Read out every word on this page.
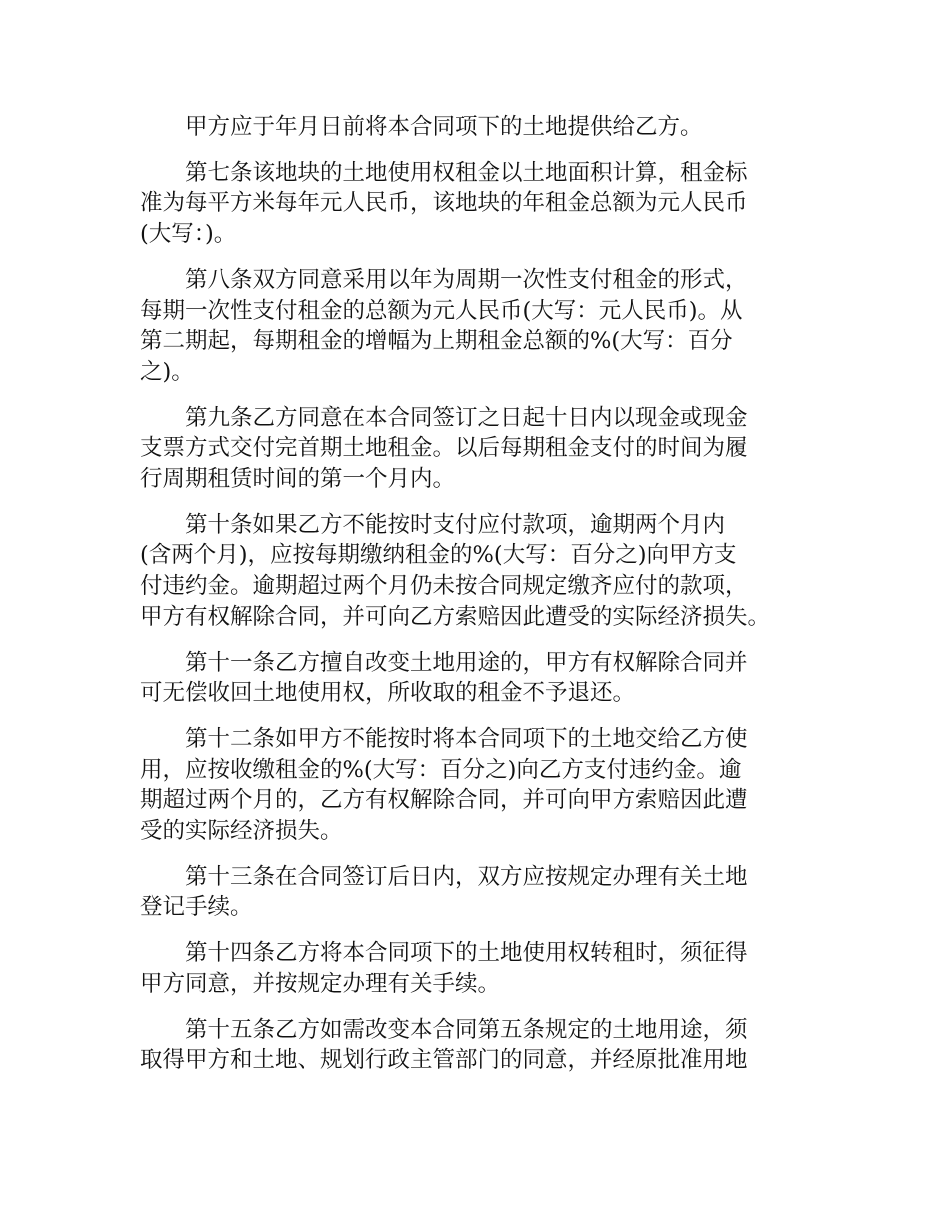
甲方应于年月日前将本合同项下的土地提供给乙方。

第七条该地块的土地使用权租金以土地面积计算，租金标
准为每平方米每年元人民币，该地块的年租金总额为元人民币
(大写：)。

第八条双方同意采用以年为周期一次性支付租金的形式，
每期一次性支付租金的总额为元人民币(大写：元人民币)。从
第二期起，每期租金的增幅为上期租金总额的%(大写：百分
之)。

第九条乙方同意在本合同签订之日起十日内以现金或现金
支票方式交付完首期土地租金。以后每期租金支付的时间为履
行周期租赁时间的第一个月内。

第十条如果乙方不能按时支付应付款项，逾期两个月内
(含两个月)，应按每期缴纳租金的%(大写：百分之)向甲方支
付违约金。逾期超过两个月仍未按合同规定缴齐应付的款项，
甲方有权解除合同，并可向乙方索赔因此遭受的实际经济损失。

第十一条乙方擅自改变土地用途的，甲方有权解除合同并
可无偿收回土地使用权，所收取的租金不予退还。

第十二条如甲方不能按时将本合同项下的土地交给乙方使
用，应按收缴租金的%(大写：百分之)向乙方支付违约金。逾
期超过两个月的，乙方有权解除合同，并可向甲方索赔因此遭
受的实际经济损失。

第十三条在合同签订后日内，双方应按规定办理有关土地
登记手续。

第十四条乙方将本合同项下的土地使用权转租时，须征得
甲方同意，并按规定办理有关手续。

第十五条乙方如需改变本合同第五条规定的土地用途，须
取得甲方和土地、规划行政主管部门的同意，并经原批准用地
